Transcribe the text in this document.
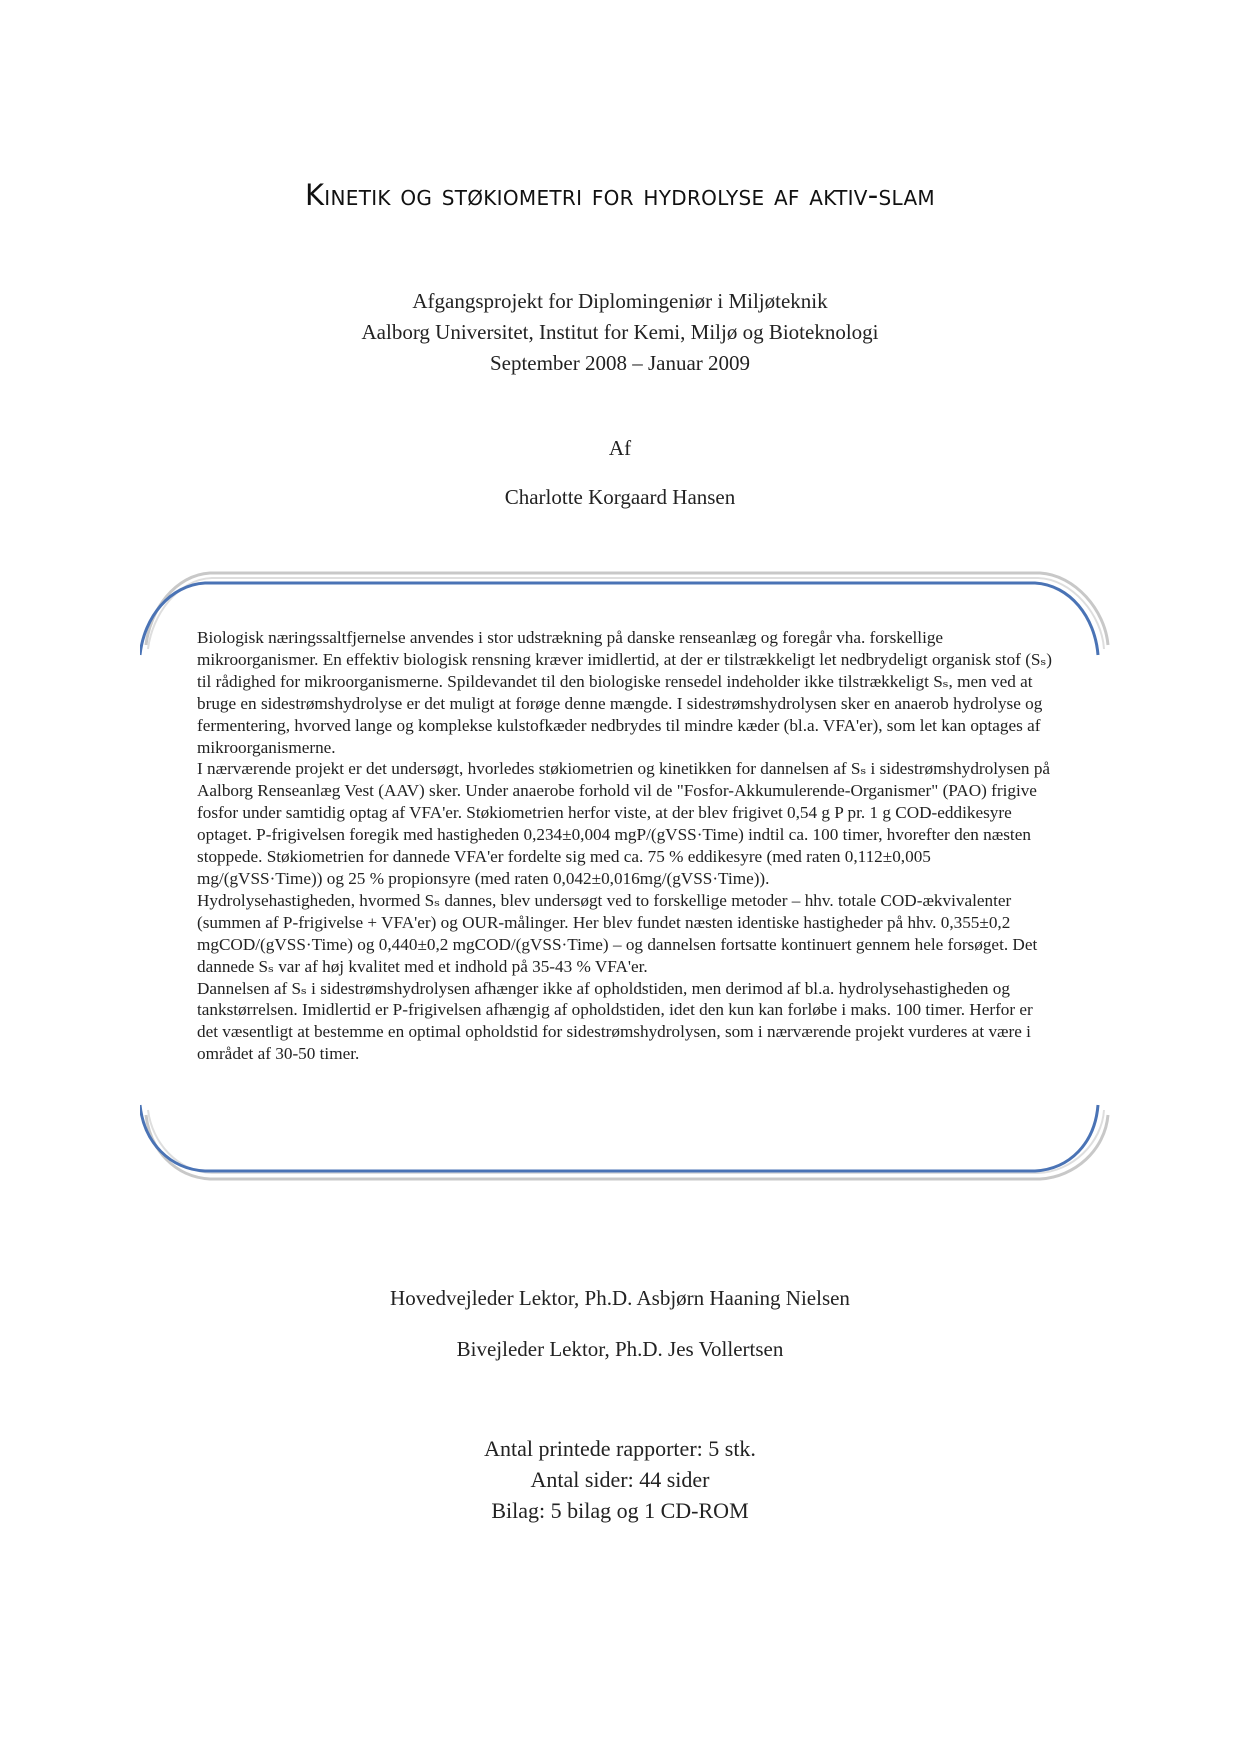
Kinetik og støkiometri for hydrolyse af aktiv-slam
Afgangsprojekt for Diplomingeniør i Miljøteknik
Aalborg Universitet, Institut for Kemi, Miljø og Bioteknologi
September 2008 – Januar 2009
Af
Charlotte Korgaard Hansen

Biologisk næringssaltfjernelse anvendes i stor udstrækning på danske renseanlæg og foregår vha. forskellige mikroorganismer. En effektiv biologisk rensning kræver imidlertid, at der er tilstrækkeligt let nedbrydeligt organisk stof (Sₛ) til rådighed for mikroorganismerne. Spildevandet til den biologiske rensedel indeholder ikke tilstrækkeligt Sₛ, men ved at bruge en sidestrømshydrolyse er det muligt at forøge denne mængde. I sidestrømshydrolysen sker en anaerob hydrolyse og fermentering, hvorved lange og komplekse kulstofkæder nedbrydes til mindre kæder (bl.a. VFA'er), som let kan optages af mikroorganismerne.

I nærværende projekt er det undersøgt, hvorledes støkiometrien og kinetikken for dannelsen af Sₛ i sidestrømshydrolysen på Aalborg Renseanlæg Vest (AAV) sker. Under anaerobe forhold vil de "Fosfor-Akkumulerende-Organismer" (PAO) frigive fosfor under samtidig optag af VFA'er. Støkiometrien herfor viste, at der blev frigivet 0,54 g P pr. 1 g COD-eddikesyre optaget. P-frigivelsen foregik med hastigheden 0,234±0,004 mgP/(gVSS·Time) indtil ca. 100 timer, hvorefter den næsten stoppede. Støkiometrien for dannede VFA'er fordelte sig med ca. 75 % eddikesyre (med raten 0,112±0,005 mg/(gVSS·Time)) og 25 % propionsyre (med raten 0,042±0,016mg/(gVSS·Time)).

Hydrolysehastigheden, hvormed Sₛ dannes, blev undersøgt ved to forskellige metoder – hhv. totale COD-ækvivalenter (summen af P-frigivelse + VFA'er) og OUR-målinger. Her blev fundet næsten identiske hastigheder på hhv. 0,355±0,2 mgCOD/(gVSS·Time) og 0,440±0,2 mgCOD/(gVSS·Time) – og dannelsen fortsatte kontinuert gennem hele forsøget. Det dannede Sₛ var af høj kvalitet med et indhold på 35-43 % VFA'er.

Dannelsen af Sₛ i sidestrømshydrolysen afhænger ikke af opholdstiden, men derimod af bl.a. hydrolysehastigheden og tankstørrelsen. Imidlertid er P-frigivelsen afhængig af opholdstiden, idet den kun kan forløbe i maks. 100 timer. Herfor er det væsentligt at bestemme en optimal opholdstid for sidestrømshydrolysen, som i nærværende projekt vurderes at være i området af 30-50 timer.

Hovedvejleder Lektor, Ph.D. Asbjørn Haaning Nielsen
Bivejleder Lektor, Ph.D. Jes Vollertsen
Antal printede rapporter: 5 stk.
Antal sider: 44 sider
Bilag: 5 bilag og 1 CD-ROM
